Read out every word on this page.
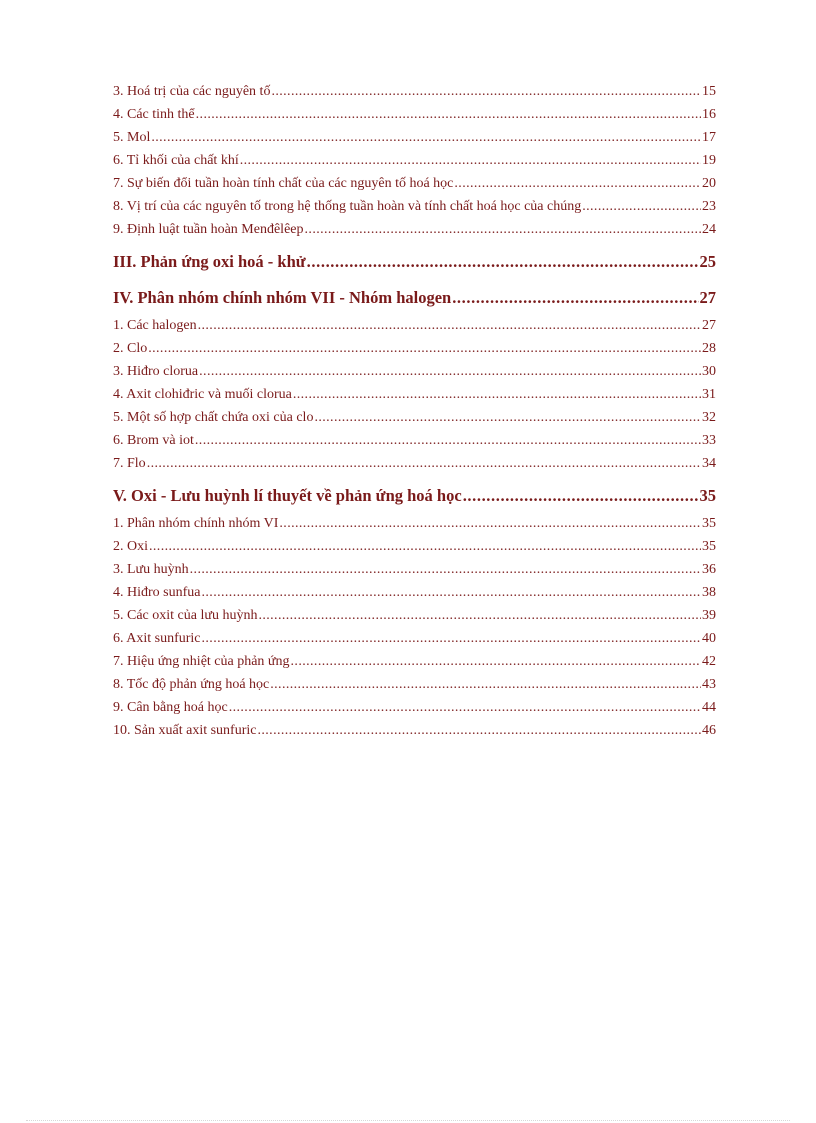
3. Hoá trị của các nguyên tố .....	15
4. Các tinh thể .....	16
5. Mol .....	17
6. Tỉ khối của chất khí .....	19
7. Sự biến đổi tuần hoàn tính chất của các nguyên tố hoá học .....	20
8. Vị trí của các nguyên tố trong hệ thống tuần hoàn và tính chất hoá học của chúng .....	23
9. Định luật tuần hoàn Menđêlêep .....	24
III. Phản ứng oxi hoá - khử .....	25
IV. Phân nhóm chính nhóm VII - Nhóm halogen .....	27
1. Các halogen .....	27
2. Clo .....	28
3. Hiđro clorua .....	30
4. Axit clohiđric và muối clorua .....	31
5. Một số hợp chất chứa oxi của clo .....	32
6. Brom và iot .....	33
7. Flo .....	34
V. Oxi - Lưu huỳnh lí thuyết về phản ứng hoá học .....	35
1. Phân nhóm chính nhóm VI .....	35
2. Oxi .....	35
3. Lưu huỳnh .....	36
4. Hiđro sunfua .....	38
5. Các oxit của lưu huỳnh .....	39
6. Axit sunfuric .....	40
7. Hiệu ứng nhiệt của phản ứng .....	42
8. Tốc độ phản ứng hoá học .....	43
9. Cân bằng hoá học .....	44
10. Sản xuất axit sunfuric .....	46
